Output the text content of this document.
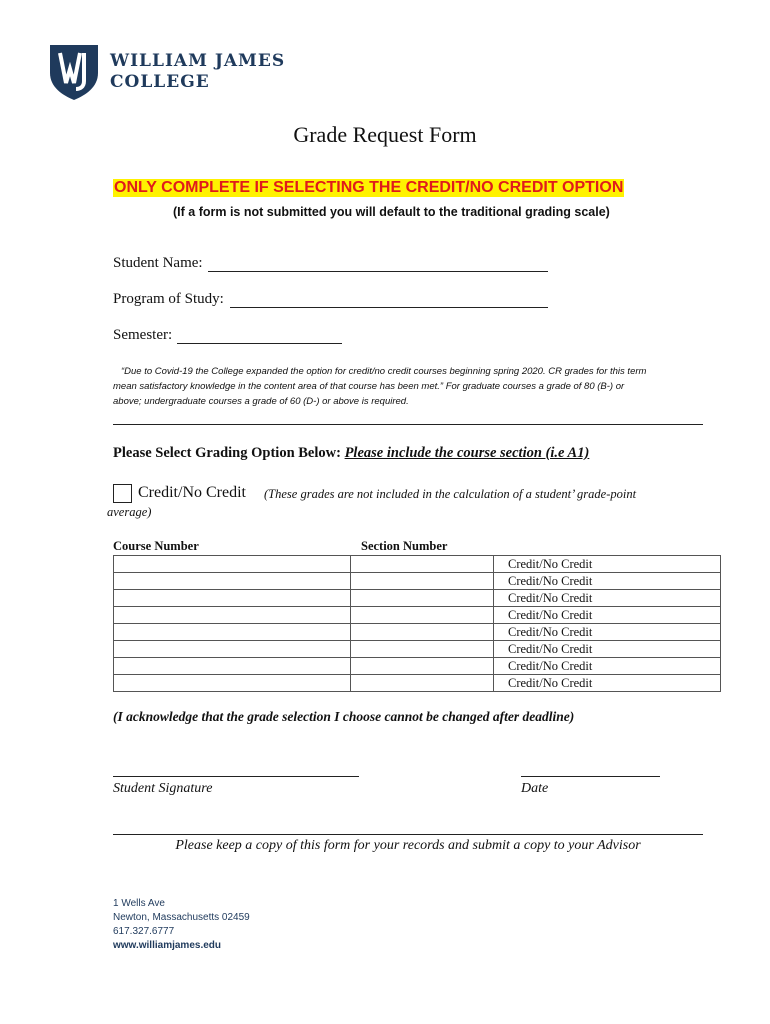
WILLIAM JAMES
COLLEGE
Grade Request Form
ONLY COMPLETE IF SELECTING THE CREDIT/NO CREDIT OPTION
(If a form is not submitted you will default to the traditional grading scale)
Student Name:
Program of Study:
Semester:
“Due to Covid-19 the College expanded the option for credit/no credit courses beginning spring 2020. CR grades for this term
mean satisfactory knowledge in the content area of that course has been met.” For graduate courses a grade of 80 (B-) or
above; undergraduate courses a grade of 60 (D-) or above is required.
Please Select Grading Option Below: Please include the course section (i.e A1)
Credit/No Credit (These grades are not included in the calculation of a student’ grade-point
average)
Course Number	Section Number
		Credit/No Credit
		Credit/No Credit
		Credit/No Credit
		Credit/No Credit
		Credit/No Credit
		Credit/No Credit
		Credit/No Credit
		Credit/No Credit
(I acknowledge that the grade selection I choose cannot be changed after deadline)
Student Signature	Date
Please keep a copy of this form for your records and submit a copy to your Advisor
1 Wells Ave
Newton, Massachusetts 02459
617.327.6777
www.williamjames.edu
